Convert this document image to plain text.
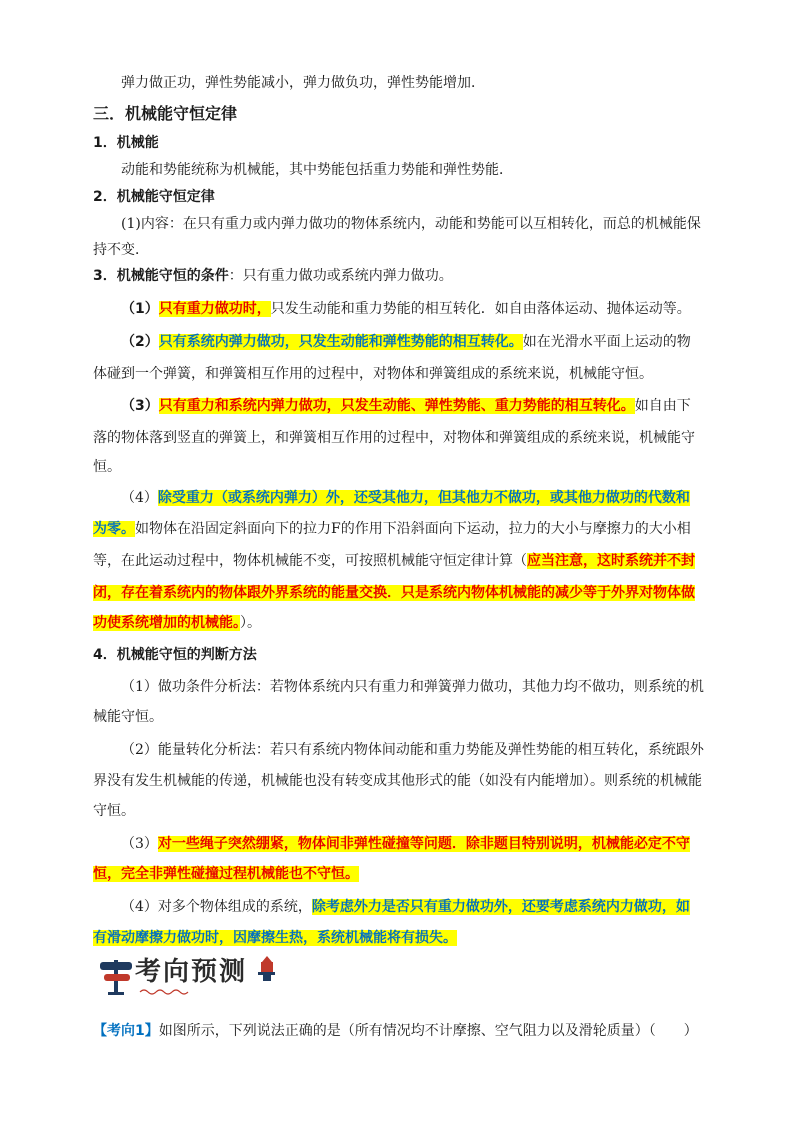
弹力做正功，弹性势能减小，弹力做负功，弹性势能增加．
三．机械能守恒定律
1．机械能
动能和势能统称为机械能，其中势能包括重力势能和弹性势能．
2．机械能守恒定律
(1)内容：在只有重力或内弹力做功的物体系统内，动能和势能可以互相转化，而总的机械能保
持不变．
3．机械能守恒的条件：只有重力做功或系统内弹力做功。
（1）只有重力做功时，只发生动能和重力势能的相互转化．如自由落体运动、抛体运动等。
（2）只有系统内弹力做功，只发生动能和弹性势能的相互转化。如在光滑水平面上运动的物
体碰到一个弹簧，和弹簧相互作用的过程中，对物体和弹簧组成的系统来说，机械能守恒。
（3）只有重力和系统内弹力做功，只发生动能、弹性势能、重力势能的相互转化。如自由下
落的物体落到竖直的弹簧上，和弹簧相互作用的过程中，对物体和弹簧组成的系统来说，机械能守
恒。
（4）除受重力（或系统内弹力）外，还受其他力，但其他力不做功，或其他力做功的代数和
为零。如物体在沿固定斜面向下的拉力F的作用下沿斜面向下运动，拉力的大小与摩擦力的大小相
等，在此运动过程中，物体机械能不变，可按照机械能守恒定律计算（应当注意，这时系统并不封
闭，存在着系统内的物体跟外界系统的能量交换．只是系统内物体机械能的减少等于外界对物体做
功使系统增加的机械能。）。
4．机械能守恒的判断方法
（1）做功条件分析法：若物体系统内只有重力和弹簧弹力做功，其他力均不做功，则系统的机
械能守恒。
（2）能量转化分析法：若只有系统内物体间动能和重力势能及弹性势能的相互转化，系统跟外
界没有发生机械能的传递，机械能也没有转变成其他形式的能（如没有内能增加）。则系统的机械能
守恒。
（3）对一些绳子突然绷紧，物体间非弹性碰撞等问题．除非题目特别说明，机械能必定不守
恒，完全非弹性碰撞过程机械能也不守恒。
（4）对多个物体组成的系统，除考虑外力是否只有重力做功外，还要考虑系统内力做功，如
有滑动摩擦力做功时，因摩擦生热，系统机械能将有损失。
考向预测
【考向1】如图所示，下列说法正确的是（所有情况均不计摩擦、空气阻力以及滑轮质量）（　　）
